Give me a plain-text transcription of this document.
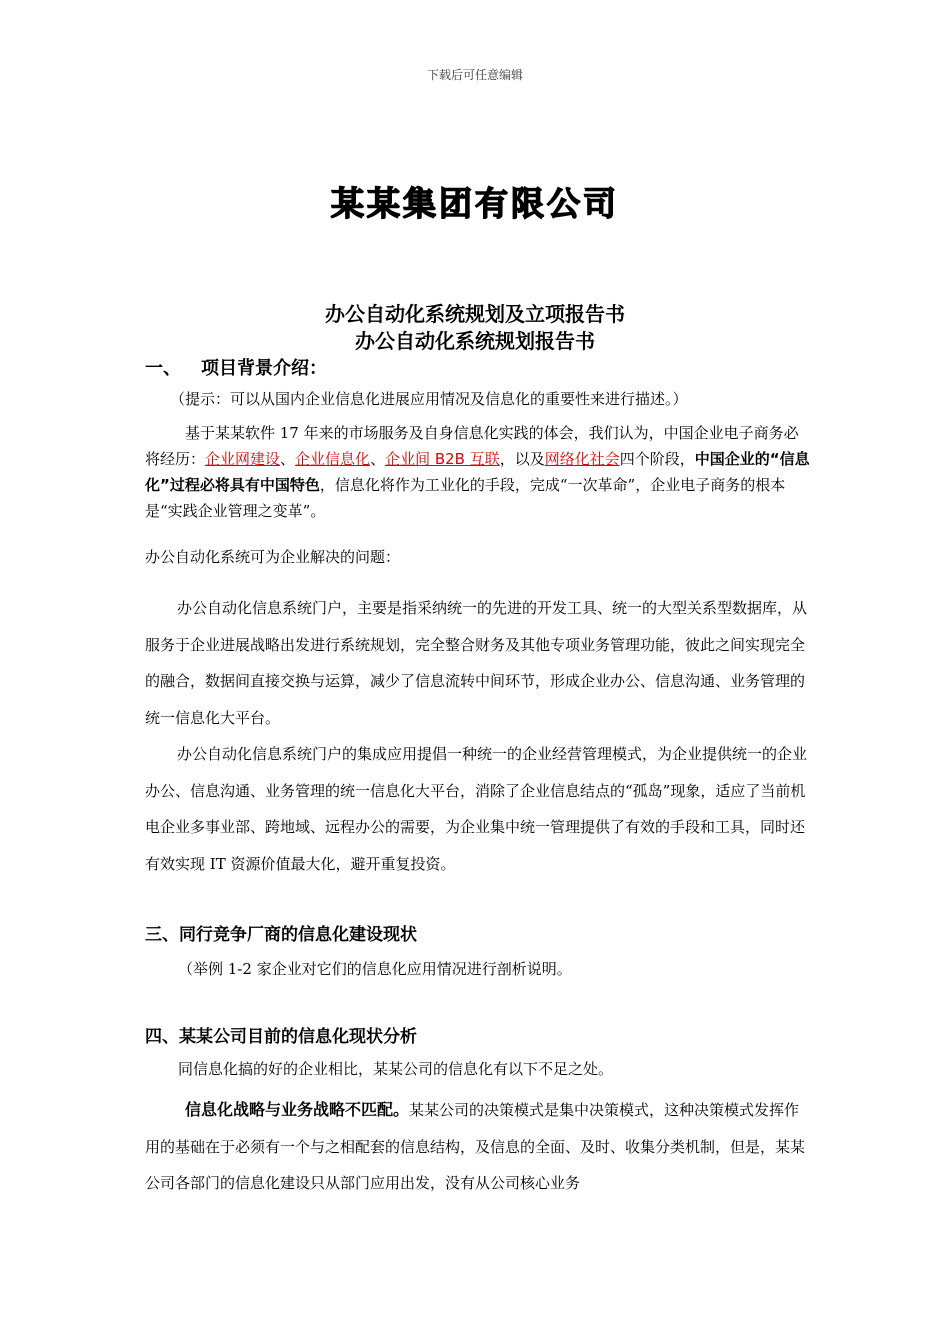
下载后可任意编辑
某某集团有限公司
办公自动化系统规划及立项报告书
办公自动化系统规划报告书
一、 项目背景介绍：
（提示：可以从国内企业信息化进展应用情况及信息化的重要性来进行描述。）
基于某某软件 17 年来的市场服务及自身信息化实践的体会，我们认为，中国企业电子商务必将经历：企业网建设、企业信息化、企业间 B2B 互联，以及网络化社会四个阶段，中国企业的“信息化”过程必将具有中国特色，信息化将作为工业化的手段，完成“一次革命”，企业电子商务的根本是“实践企业管理之变革”。
办公自动化系统可为企业解决的问题：
办公自动化信息系统门户，主要是指采纳统一的先进的开发工具、统一的大型关系型数据库，从服务于企业进展战略出发进行系统规划，完全整合财务及其他专项业务管理功能，彼此之间实现完全的融合，数据间直接交换与运算，减少了信息流转中间环节，形成企业办公、信息沟通、业务管理的统一信息化大平台。
办公自动化信息系统门户的集成应用提倡一种统一的企业经营管理模式，为企业提供统一的企业办公、信息沟通、业务管理的统一信息化大平台，消除了企业信息结点的“孤岛”现象，适应了当前机电企业多事业部、跨地域、远程办公的需要，为企业集中统一管理提供了有效的手段和工具，同时还有效实现 IT 资源价值最大化，避开重复投资。
三、同行竞争厂商的信息化建设现状
（举例 1-2 家企业对它们的信息化应用情况进行剖析说明。
四、某某公司目前的信息化现状分析
同信息化搞的好的企业相比，某某公司的信息化有以下不足之处。
信息化战略与业务战略不匹配。某某公司的决策模式是集中决策模式，这种决策模式发挥作用的基础在于必须有一个与之相配套的信息结构，及信息的全面、及时、收集分类机制，但是，某某公司各部门的信息化建设只从部门应用出发，没有从公司核心业务
